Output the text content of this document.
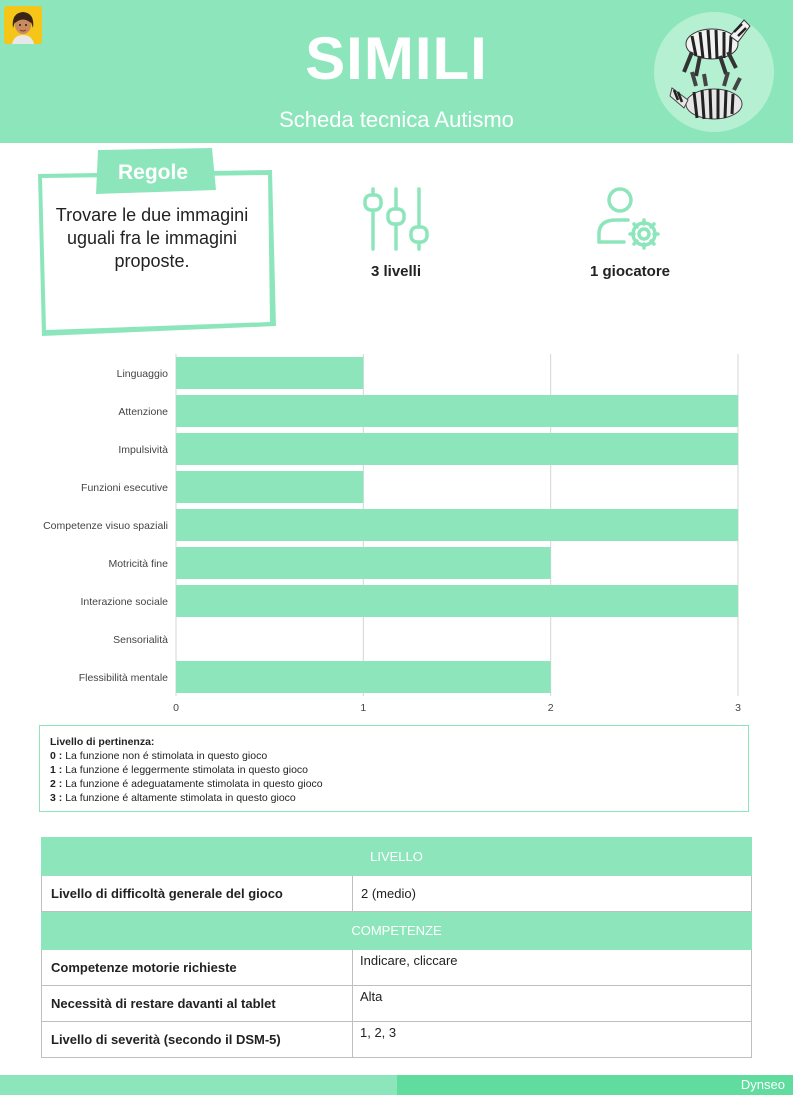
SIMILI
Scheda tecnica Autismo
Regole
Trovare le due immagini uguali fra le immagini proposte.
3 livelli	1 giocatore
Linguaggio
Attenzione
Impulsività
Funzioni esecutive
Competenze visuo spaziali
Motricità fine
Interazione sociale
Sensorialità
Flessibilità mentale
0	1	2	3
Livello di pertinenza:
0 : La funzione non é stimolata in questo gioco
1 : La funzione é leggermente stimolata in questo gioco
2 : La funzione é adeguatamente stimolata in questo gioco
3 : La funzione é altamente stimolata in questo gioco
LIVELLO	
Livello di difficoltà generale del gioco	2 (medio)
COMPETENZE	
Competenze motorie richieste	Indicare, cliccare
Necessità di restare davanti al tablet	Alta
Livello di severità (secondo il DSM-5)	1, 2, 3
Dynseo
